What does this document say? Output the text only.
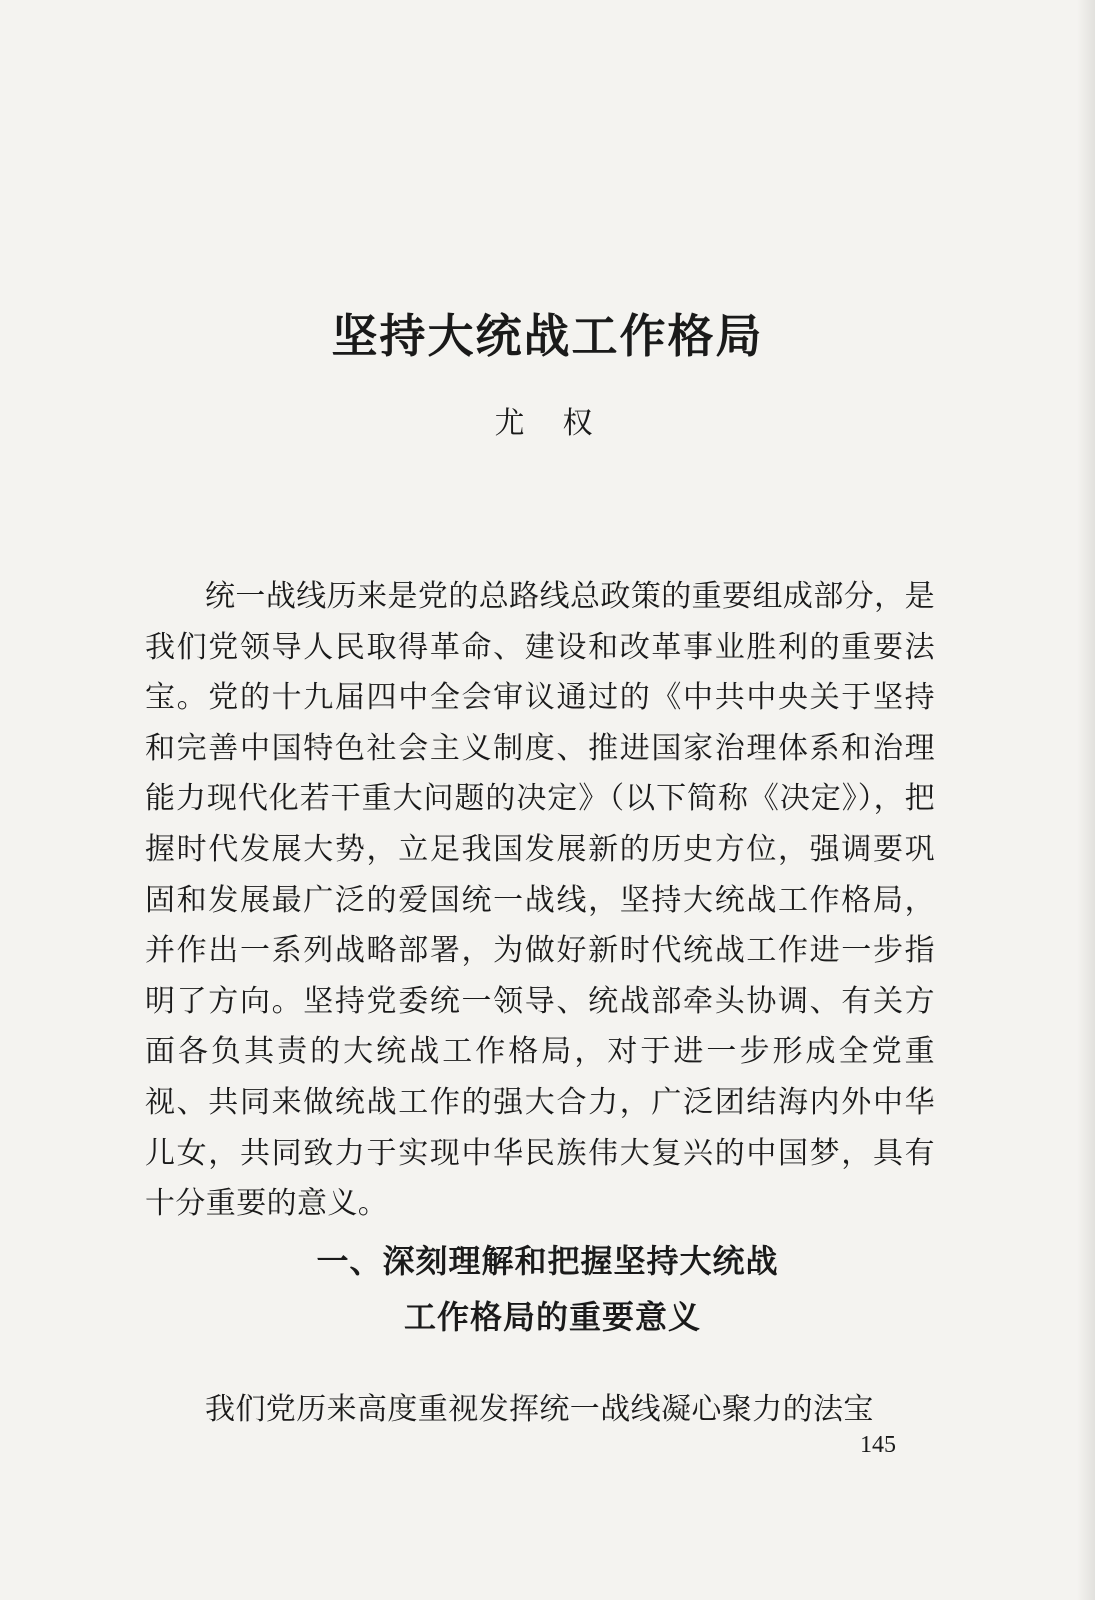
坚持大统战工作格局
尤权

统一战线历来是党的总路线总政策的重要组成部分，是我们党领导人民取得革命、建设和改革事业胜利的重要法宝。党的十九届四中全会审议通过的《中共中央关于坚持和完善中国特色社会主义制度、推进国家治理体系和治理能力现代化若干重大问题的决定》（以下简称《决定》），把握时代发展大势，立足我国发展新的历史方位，强调要巩固和发展最广泛的爱国统一战线，坚持大统战工作格局，并作出一系列战略部署，为做好新时代统战工作进一步指明了方向。坚持党委统一领导、统战部牵头协调、有关方面各负其责的大统战工作格局，对于进一步形成全党重视、共同来做统战工作的强大合力，广泛团结海内外中华儿女，共同致力于实现中华民族伟大复兴的中国梦，具有十分重要的意义。

一、深刻理解和把握坚持大统战
工作格局的重要意义

我们党历来高度重视发挥统一战线凝心聚力的法宝

145
